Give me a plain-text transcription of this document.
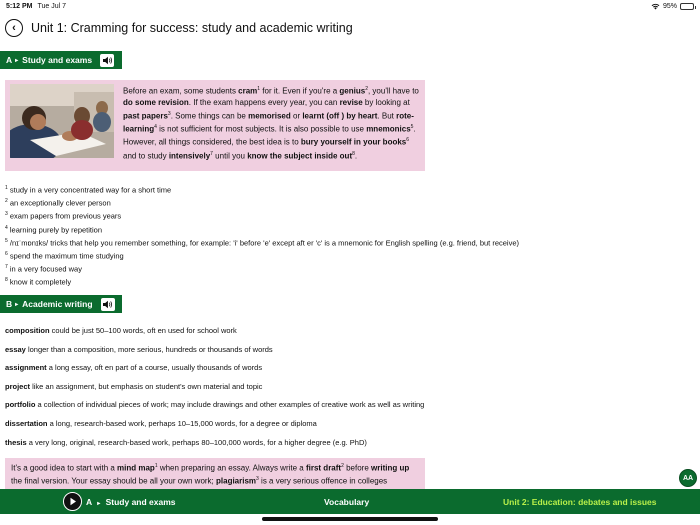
5:12 PM Tue Jul 7	95%
‹ Unit 1: Cramming for success: study and academic writing
A ▸ Study and exams

Before an exam, some students cram$^1$ for it. Even if you're a genius$^2$, you'll have to do some revision. If the exam happens every year, you can revise by looking at past papers$^3$. Some things can be memorised or learnt (off ) by heart. But rote-learning$^4$ is not sufficient for most subjects. It is also possible to use mnemonics$^5$. However, all things considered, the best idea is to bury yourself in your books$^6$ and to study intensively$^7$ until you know the subject inside out$^8$.

$^1$ study in a very concentrated way for a short time
$^2$ an exceptionally clever person
$^3$ exam papers from previous years
$^4$ learning purely by repetition
$^5$ /nɪˈmɒnɪks/ tricks that help you remember something, for example: 'i' before 'e' except aft er 'c' is a mnemonic for English spelling (e.g. friend, but receive)
$^6$ spend the maximum time studying
$^7$ in a very focused way
$^8$ know it completely
B ▸ Academic writing
composition could be just 50–100 words, oft en used for school work
essay longer than a composition, more serious, hundreds or thousands of words
assignment a long essay, oft en part of a course, usually thousands of words
project like an assignment, but emphasis on student's own material and topic
portfolio a collection of individual pieces of work; may include drawings and other examples of creative work as well as writing
dissertation a long, research-based work, perhaps 10–15,000 words, for a degree or diploma
thesis a very long, original, research-based work, perhaps 80–100,000 words, for a higher degree (e.g. PhD)

It's a good idea to start with a mind map$^1$ when preparing an essay. Always write a first draft$^2$ before writing up the final version. Your essay should be all your own work; plagiarism$^3$ is a very serious offence in colleges	AA
A ▸ Study and exams	Vocabulary	Unit 2: Education: debates and issues
